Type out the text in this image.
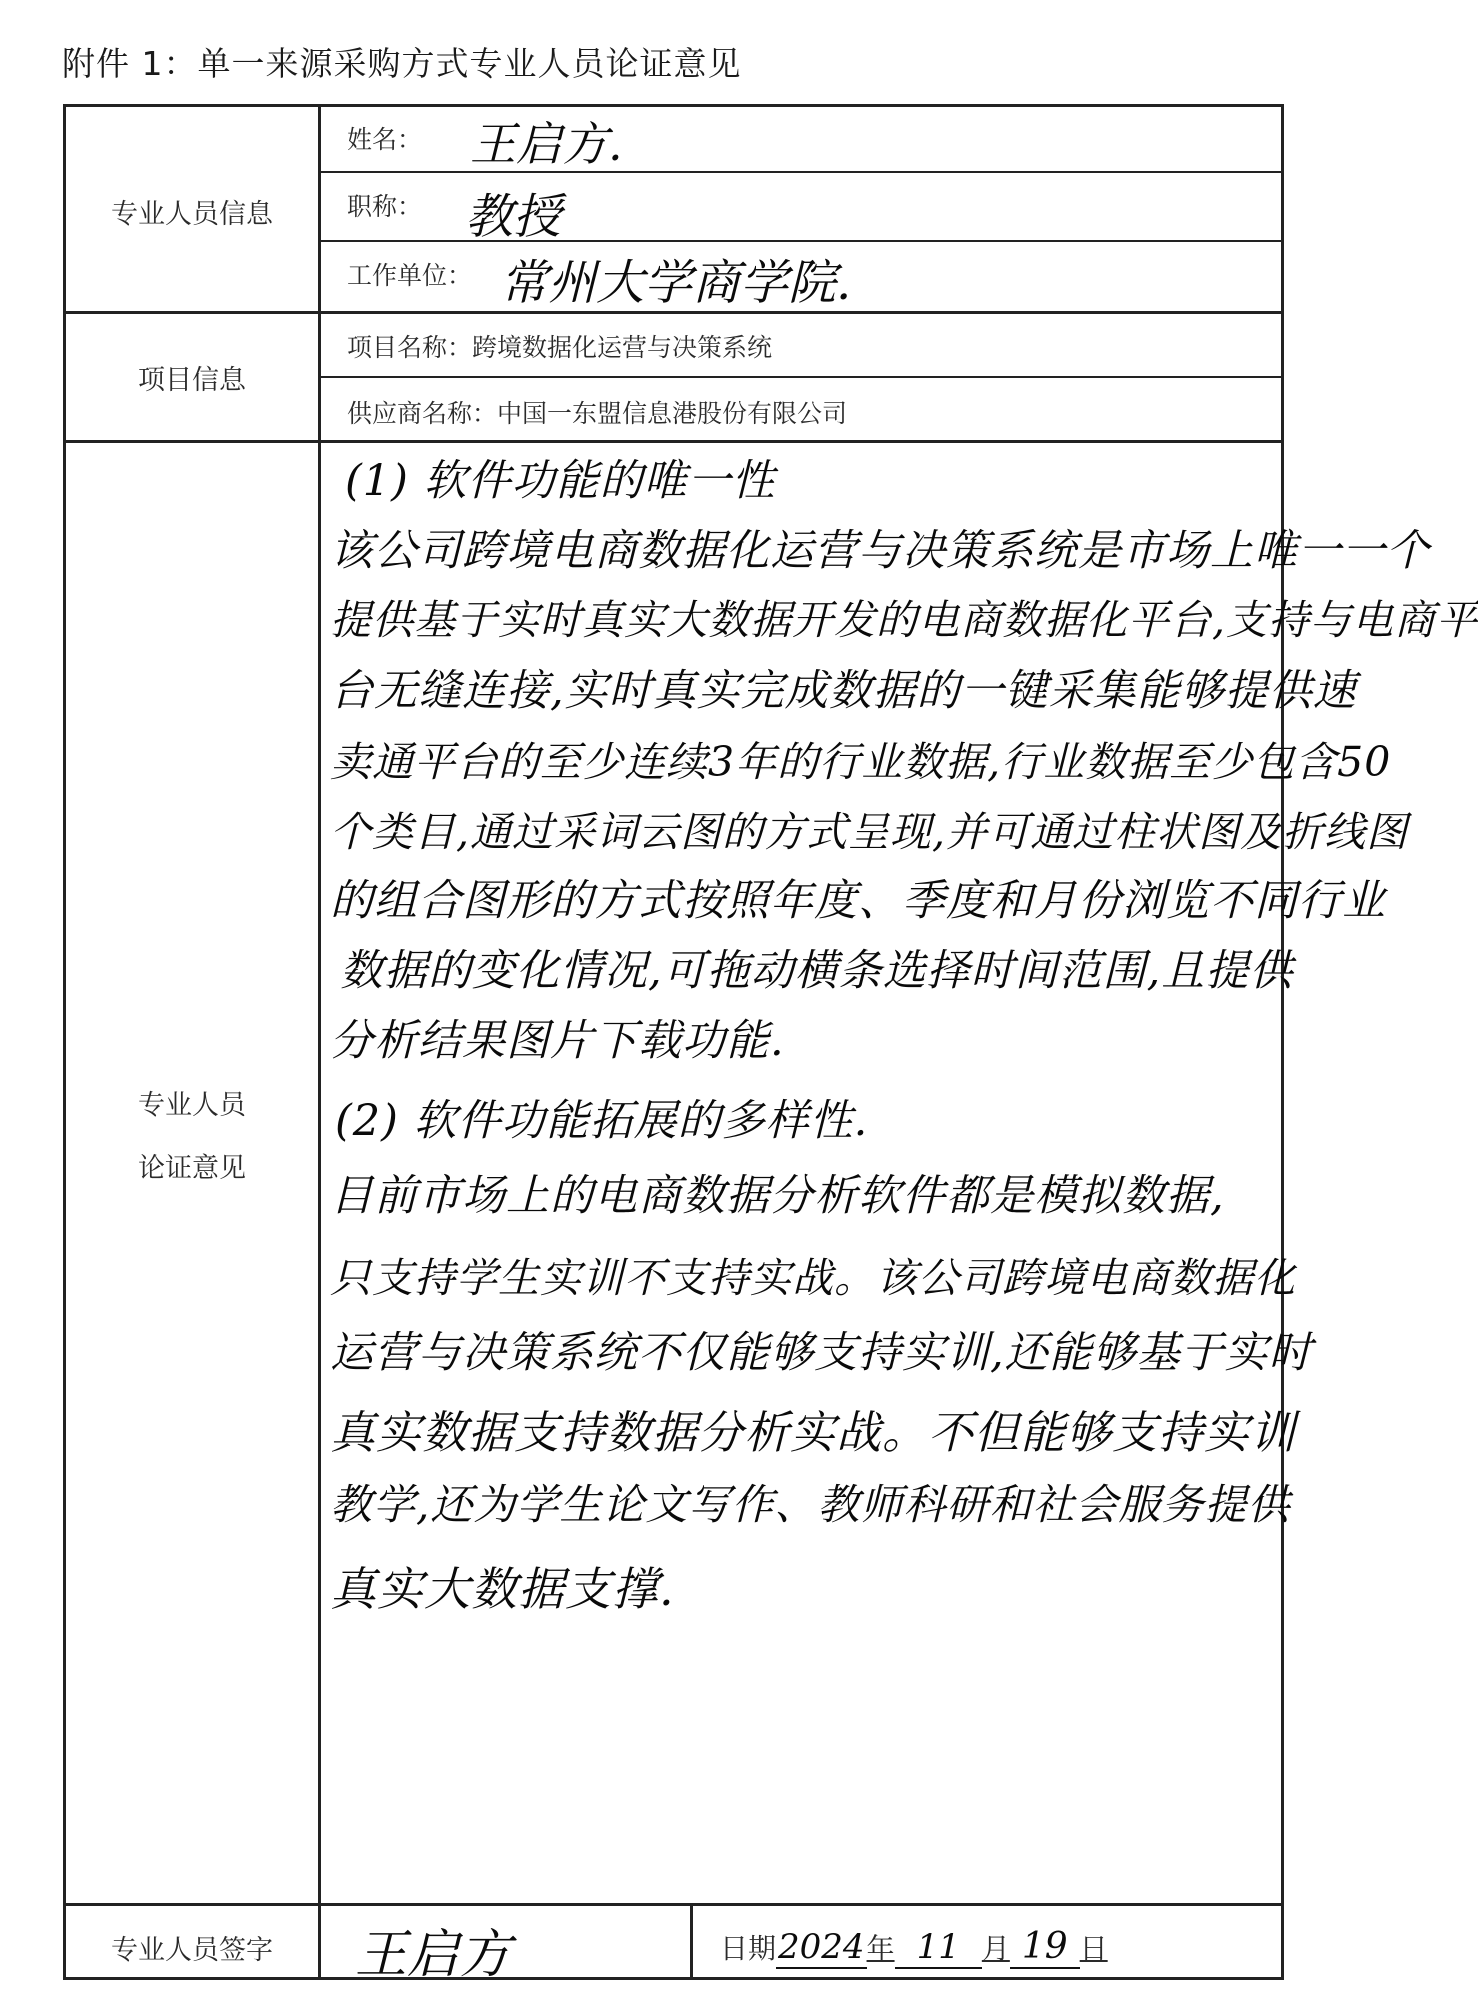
附件 1：单一来源采购方式专业人员论证意见
专业人员信息
项目信息
专业人员
论证意见
专业人员签字
姓名： 王启方.
职称： 教授
工作单位： 常州大学商学院.
项目名称：跨境数据化运营与决策系统
供应商名称：中国一东盟信息港股份有限公司
(1) 软件功能的唯一性
该公司跨境电商数据化运营与决策系统是市场上唯一一个
提供基于实时真实大数据开发的电商数据化平台,支持与电商平
台无缝连接,实时真实完成数据的一键采集能够提供速
卖通平台的至少连续3年的行业数据,行业数据至少包含50
个类目,通过采词云图的方式呈现,并可通过柱状图及折线图
的组合图形的方式按照年度、季度和月份浏览不同行业
数据的变化情况,可拖动横条选择时间范围,且提供
分析结果图片下载功能.
(2) 软件功能拓展的多样性.
目前市场上的电商数据分析软件都是模拟数据,
只支持学生实训不支持实战。该公司跨境电商数据化
运营与决策系统不仅能够支持实训,还能够基于实时
真实数据支持数据分析实战。不但能够支持实训
教学,还为学生论文写作、教师科研和社会服务提供
真实大数据支撑.
王启方	日期2024年 11 月 19 日
